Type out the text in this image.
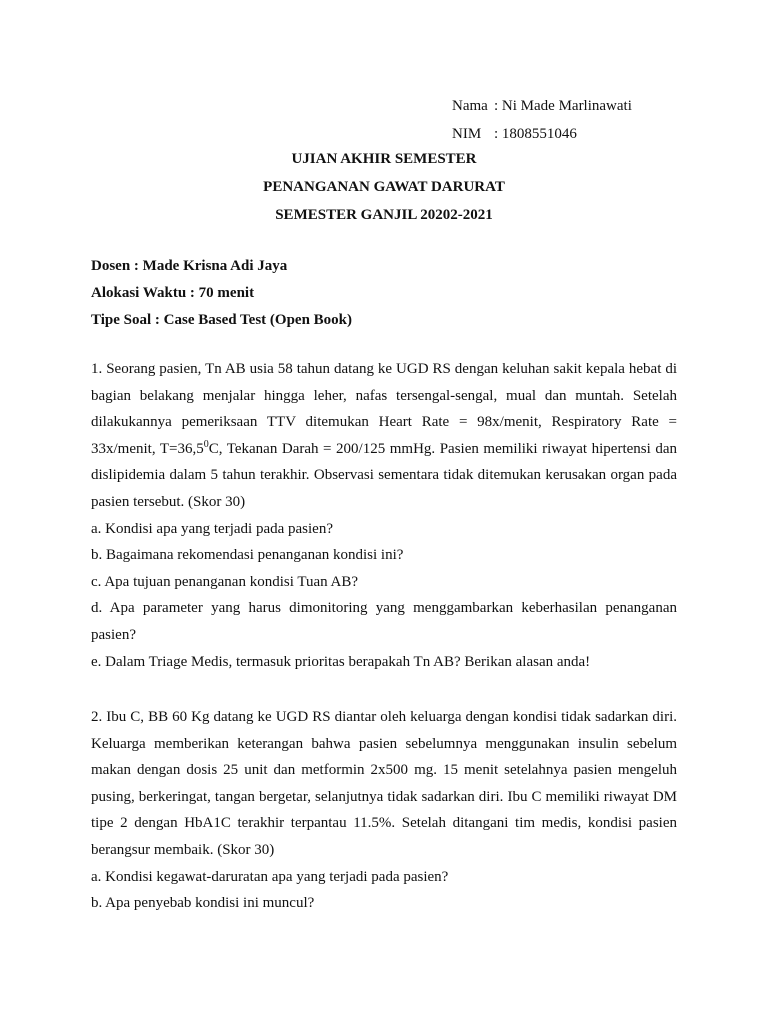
Nama : Ni Made Marlinawati
NIM : 1808551046
UJIAN AKHIR SEMESTER
PENANGANAN GAWAT DARURAT
SEMESTER GANJIL 20202-2021
Dosen : Made Krisna Adi Jaya
Alokasi Waktu : 70 menit
Tipe Soal : Case Based Test (Open Book)

1. Seorang pasien, Tn AB usia 58 tahun datang ke UGD RS dengan keluhan sakit kepala hebat di bagian belakang menjalar hingga leher, nafas tersengal-sengal, mual dan muntah. Setelah dilakukannya pemeriksaan TTV ditemukan Heart Rate = 98x/menit, Respiratory Rate = 33x/menit, $T=36,5^0C$, Tekanan Darah = 200/125 mmHg. Pasien memiliki riwayat hipertensi dan dislipidemia dalam 5 tahun terakhir. Observasi sementara tidak ditemukan kerusakan organ pada pasien tersebut. (Skor 30)

a. Kondisi apa yang terjadi pada pasien?

b. Bagaimana rekomendasi penanganan kondisi ini?

c. Apa tujuan penanganan kondisi Tuan AB?

d. Apa parameter yang harus dimonitoring yang menggambarkan keberhasilan penanganan pasien?

e. Dalam Triage Medis, termasuk prioritas berapakah Tn AB? Berikan alasan anda!

2. Ibu C, BB 60 Kg datang ke UGD RS diantar oleh keluarga dengan kondisi tidak sadarkan diri. Keluarga memberikan keterangan bahwa pasien sebelumnya menggunakan insulin sebelum makan dengan dosis 25 unit dan metformin 2x500 mg. 15 menit setelahnya pasien mengeluh pusing, berkeringat, tangan bergetar, selanjutnya tidak sadarkan diri. Ibu C memiliki riwayat DM tipe 2 dengan HbA1C terakhir terpantau 11.5%. Setelah ditangani tim medis, kondisi pasien berangsur membaik. (Skor 30)

a. Kondisi kegawat-daruratan apa yang terjadi pada pasien?

b. Apa penyebab kondisi ini muncul?
